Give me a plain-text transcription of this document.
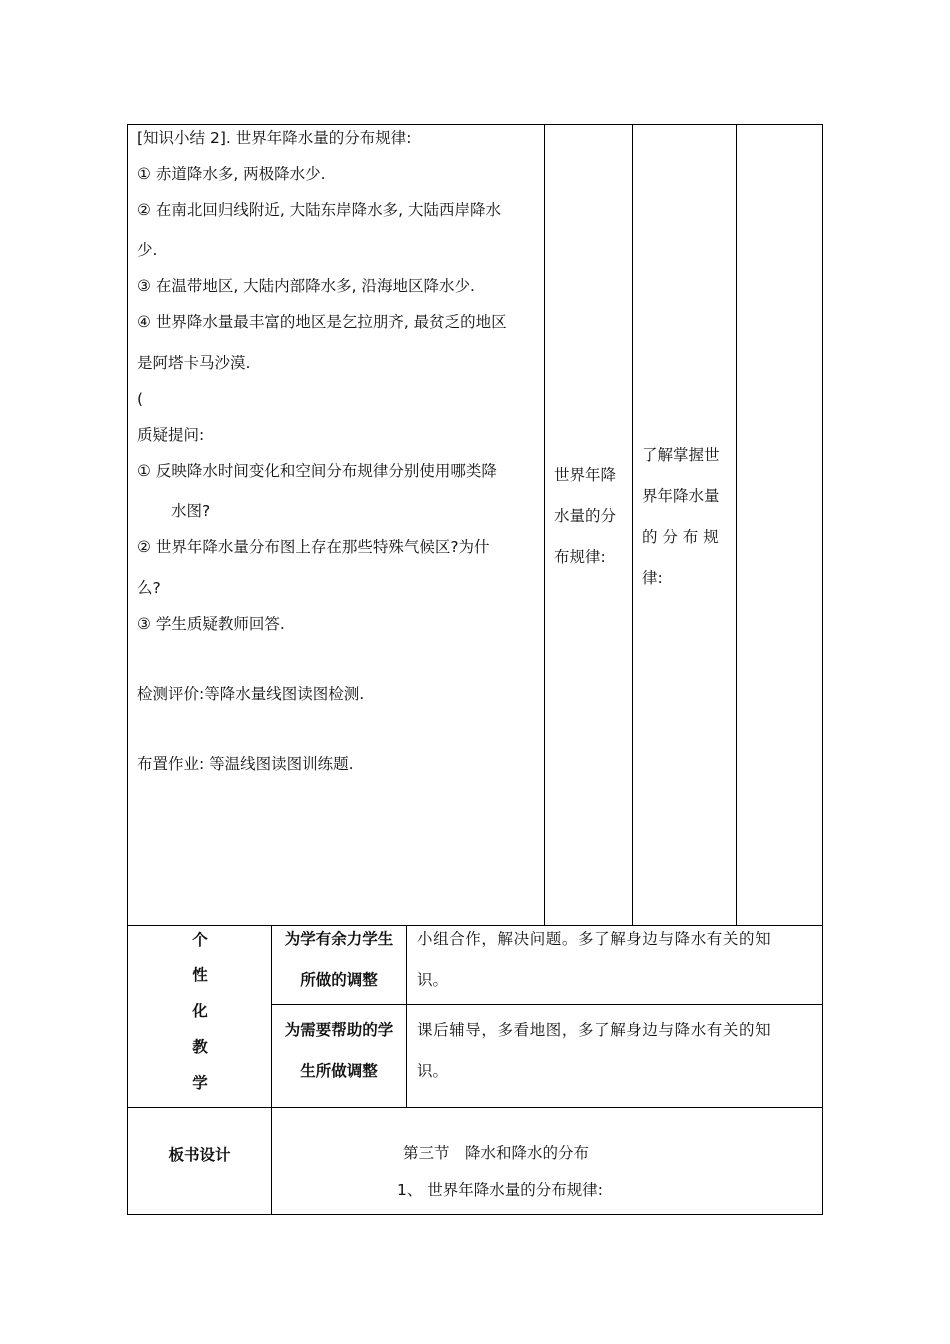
[知识小结 2]. 世界年降水量的分布规律:
① 赤道降水多, 两极降水少.
② 在南北回归线附近, 大陆东岸降水多, 大陆西岸降水
少.
③ 在温带地区, 大陆内部降水多, 沿海地区降水少.
④ 世界降水量最丰富的地区是乞拉朋齐, 最贫乏的地区
是阿塔卡马沙漠.
(
质疑提问:
① 反映降水时间变化和空间分布规律分别使用哪类降
水图?
② 世界年降水量分布图上存在那些特殊气候区?为什
么?
③ 学生质疑教师回答.
检测评价:等降水量线图读图检测.
布置作业: 等温线图读图训练题.
世界年降
水量的分
布规律:
了解掌握世
界年降水量
的 分 布 规
律:
个
性
化
教
学
为学有余力学生
所做的调整
小组合作，解决问题。多了解身边与降水有关的知
识。
为需要帮助的学
生所做调整
课后辅导，多看地图，多了解身边与降水有关的知
识。
板书设计	第三节　降水和降水的分布
1、 世界年降水量的分布规律:
